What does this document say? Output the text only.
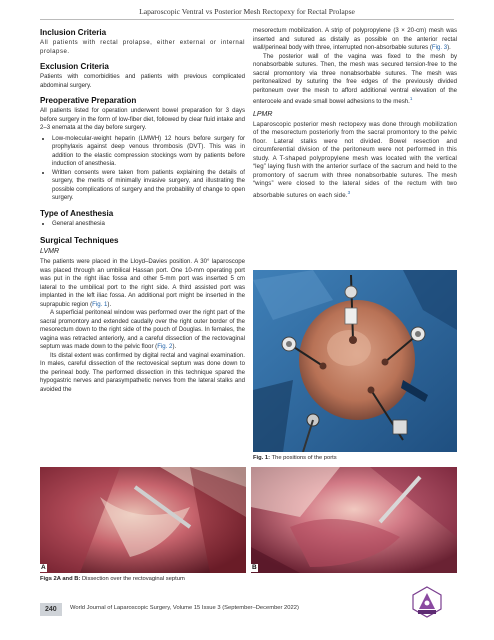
Laparoscopic Ventral vs Posterior Mesh Rectopexy for Rectal Prolapse
Inclusion Criteria

All patients with rectal prolapse, either external or internal prolapse.

Exclusion Criteria

Patients with comorbidities and patients with previous complicated abdominal surgery.

Preoperative Preparation

All patients listed for operation underwent bowel preparation for 3 days before surgery in the form of low-fiber diet, followed by clear fluid intake and 2–3 enemata at the day before surgery.

• Low-molecular-weight heparin (LMWH) 12 hours before surgery for prophylaxis against deep venous thrombosis (DVT). This was in addition to the elastic compression stockings worn by patients before induction of anesthesia.
• Written consents were taken from patients explaining the details of surgery, the merits of minimally invasive surgery, and illustrating the possible complications of surgery and the probability of change to open surgery.
Type of Anesthesia
• General anesthesia
Surgical Techniques
LVMR

The patients were placed in the Lloyd–Davies position. A 30° laparoscope was placed through an umbilical Hassan port. One 10-mm operating port was put in the right iliac fossa and other 5-mm port was inserted 5 cm lateral to the umbilical port to the right side. A third assisted port was implanted in the left iliac fossa. An additional port might be inserted in the suprapubic region (Fig. 1).

A superficial peritoneal window was performed over the right part of the sacral promontory and extended caudally over the right outer border of the mesorectum down to the right side of the pouch of Douglas. In females, the vagina was retracted anteriorly, and a careful dissection of the rectovaginal septum was made down to the pelvic floor (Fig. 2).

Its distal extent was confirmed by digital rectal and vaginal examination. In males, careful dissection of the rectovesical septum was done down to the perineal body. The performed dissection in this technique spared the hypogastric nerves and parasympathetic nerves from the lateral stalks and avoided the

mesorectum mobilization. A strip of polypropylene (3 × 20-cm) mesh was inserted and sutured as distally as possible on the anterior rectal wall/perineal body with three, interrupted non-absorbable sutures (Fig. 3).

The posterior wall of the vagina was fixed to the mesh by nonabsorbable sutures. Then, the mesh was secured tension-free to the sacral promontory via three nonabsorbable sutures. The mesh was peritonealized by suturing the free edges of the previously divided peritoneum over the mesh to afford additional ventral elevation of the enterocele and evade small bowel adhesions to the mesh.$^1$

LPMR

Laparoscopic posterior mesh rectopexy was done through mobilization of the mesorectum posteriorly from the sacral promontory to the pelvic floor. Lateral stalks were not divided. Bowel resection and circumferential division of the peritoneum were not performed in this study. A T-shaped polypropylene mesh was located with the vertical “leg” laying flush with the anterior surface of the sacrum and held to the promontory of sacrum with three nonabsorbable sutures. The mesh “wings” were closed to the lateral sides of the rectum with two absorbable sutures on each side.$^3$

Fig. 1: The positions of the ports
A	B
Figs 2A and B: Dissection over the rectovaginal septum
240	World Journal of Laparoscopic Surgery, Volume 15 Issue 3 (September–December 2022)
